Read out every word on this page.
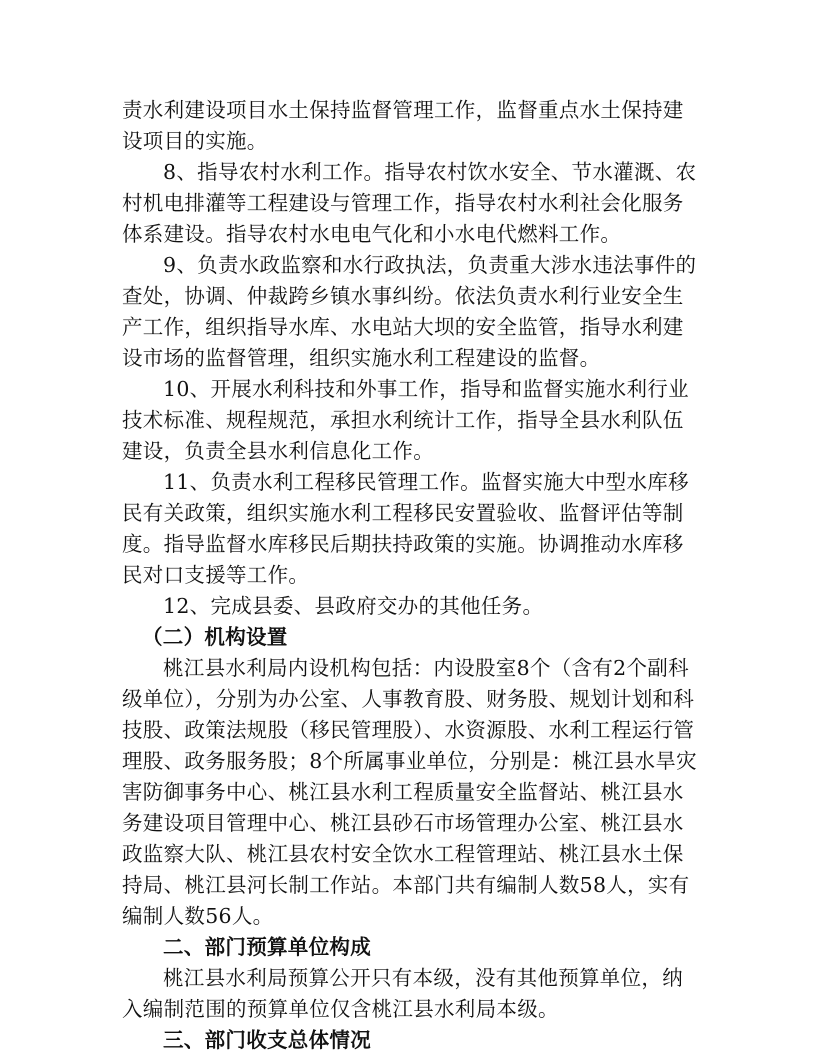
责水利建设项目水土保持监督管理工作，监督重点水土保持建设项目的实施。

8、指导农村水利工作。指导农村饮水安全、节水灌溉、农村机电排灌等工程建设与管理工作，指导农村水利社会化服务体系建设。指导农村水电电气化和小水电代燃料工作。

9、负责水政监察和水行政执法，负责重大涉水违法事件的查处，协调、仲裁跨乡镇水事纠纷。依法负责水利行业安全生产工作，组织指导水库、水电站大坝的安全监管，指导水利建设市场的监督管理，组织实施水利工程建设的监督。

10、开展水利科技和外事工作，指导和监督实施水利行业技术标准、规程规范，承担水利统计工作，指导全县水利队伍建设，负责全县水利信息化工作。

11、负责水利工程移民管理工作。监督实施大中型水库移民有关政策，组织实施水利工程移民安置验收、监督评估等制度。指导监督水库移民后期扶持政策的实施。协调推动水库移民对口支援等工作。

12、完成县委、县政府交办的其他任务。

（二）机构设置

桃江县水利局内设机构包括：内设股室8个（含有2个副科级单位），分别为办公室、人事教育股、财务股、规划计划和科技股、政策法规股（移民管理股）、水资源股、水利工程运行管理股、政务服务股；8个所属事业单位，分别是：桃江县水旱灾害防御事务中心、桃江县水利工程质量安全监督站、桃江县水务建设项目管理中心、桃江县砂石市场管理办公室、桃江县水政监察大队、桃江县农村安全饮水工程管理站、桃江县水土保持局、桃江县河长制工作站。本部门共有编制人数58人，实有编制人数56人。

二、部门预算单位构成

桃江县水利局预算公开只有本级，没有其他预算单位，纳入编制范围的预算单位仅含桃江县水利局本级。

三、部门收支总体情况
